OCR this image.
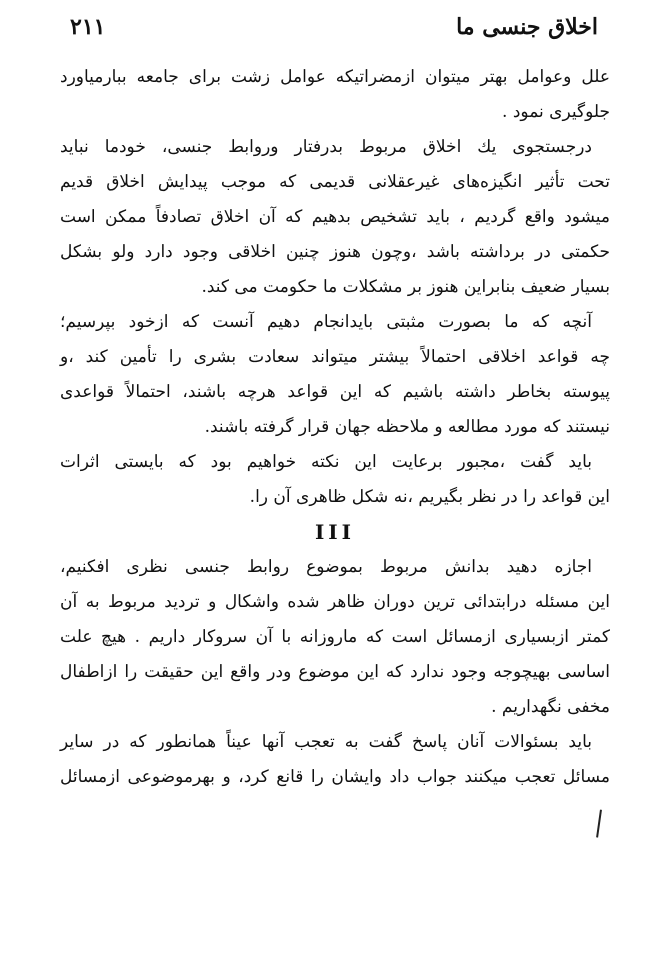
۲۱۱	اخلاق جنسی ما
علل وعوامل بهتر میتوان ازمضراتیکه عوامل زشت برای جامعه ببارمیاورد
جلوگیری نمود .
درجستجوی یك اخلاق مربوط بدرفتار وروابط جنسی، خودما نباید
تحت تأثیر انگیزه‌های غیرعقلانی قدیمی که موجب پیدایش اخلاق قدیم
میشود واقع گردیم ، باید تشخیص بدهیم که آن اخلاق تصادفاً ممکن است
حکمتی در برداشته باشد ،وچون هنوز چنین اخلاقی وجود دارد ولو بشکل
بسیار ضعیف بنابراین هنوز بر مشکلات ما حکومت می کند.
آنچه که ما بصورت مثبتی بایدانجام دهیم آنست که ازخود بپرسیم؛
چه قواعد اخلاقی احتمالاً بیشتر میتواند سعادت بشری را تأمین کند ،و
پیوسته بخاطر داشته باشیم که این قواعد هرچه باشند، احتمالاً قواعدی
نیستند که مورد مطالعه و ملاحظه جهان قرار گرفته باشند.
باید گفت ،مجبور برعایت این نکته خواهیم بود که بایستی اثرات
این قواعد را در نظر بگیریم ،نه شکل ظاهری آن را.
III
اجازه دهید بدانش مربوط بموضوع روابط جنسی نظری افکنیم،
این مسئله درابتدائی ترین دوران ظاهر شده واشکال و تردید مربوط به آن
کمتر ازبسیاری ازمسائل است که ماروزانه با آن سروکار داریم . هیچ علت
اساسی بهیچوجه وجود ندارد که این موضوع ودر واقع این حقیقت را ازاطفال
مخفی نگهداریم .
باید بسئوالات آنان پاسخ گفت به تعجب آنها عیناً همانطور که در سایر
مسائل تعجب میکنند جواب داد وایشان را قانع کرد، و بهرموضوعی ازمسائل
